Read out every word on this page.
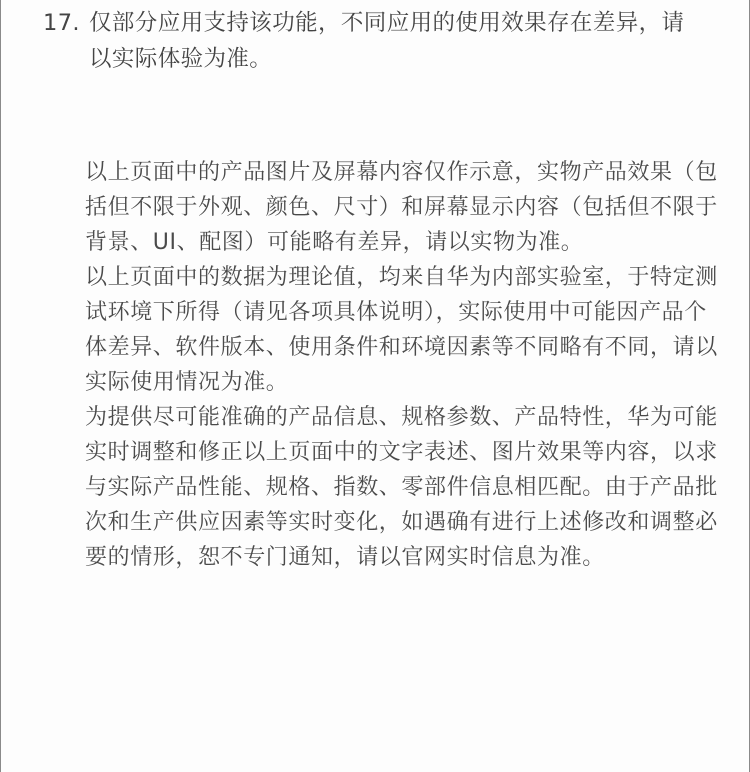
17. 仅部分应用支持该功能，不同应用的使用效果存在差异，请
以实际体验为准。
以上页面中的产品图片及屏幕内容仅作示意，实物产品效果（包
括但不限于外观、颜色、尺寸）和屏幕显示内容（包括但不限于
背景、UI、配图）可能略有差异，请以实物为准。
以上页面中的数据为理论值，均来自华为内部实验室，于特定测
试环境下所得（请见各项具体说明），实际使用中可能因产品个
体差异、软件版本、使用条件和环境因素等不同略有不同，请以
实际使用情况为准。
为提供尽可能准确的产品信息、规格参数、产品特性，华为可能
实时调整和修正以上页面中的文字表述、图片效果等内容，以求
与实际产品性能、规格、指数、零部件信息相匹配。由于产品批
次和生产供应因素等实时变化，如遇确有进行上述修改和调整必
要的情形，恕不专门通知，请以官网实时信息为准。
